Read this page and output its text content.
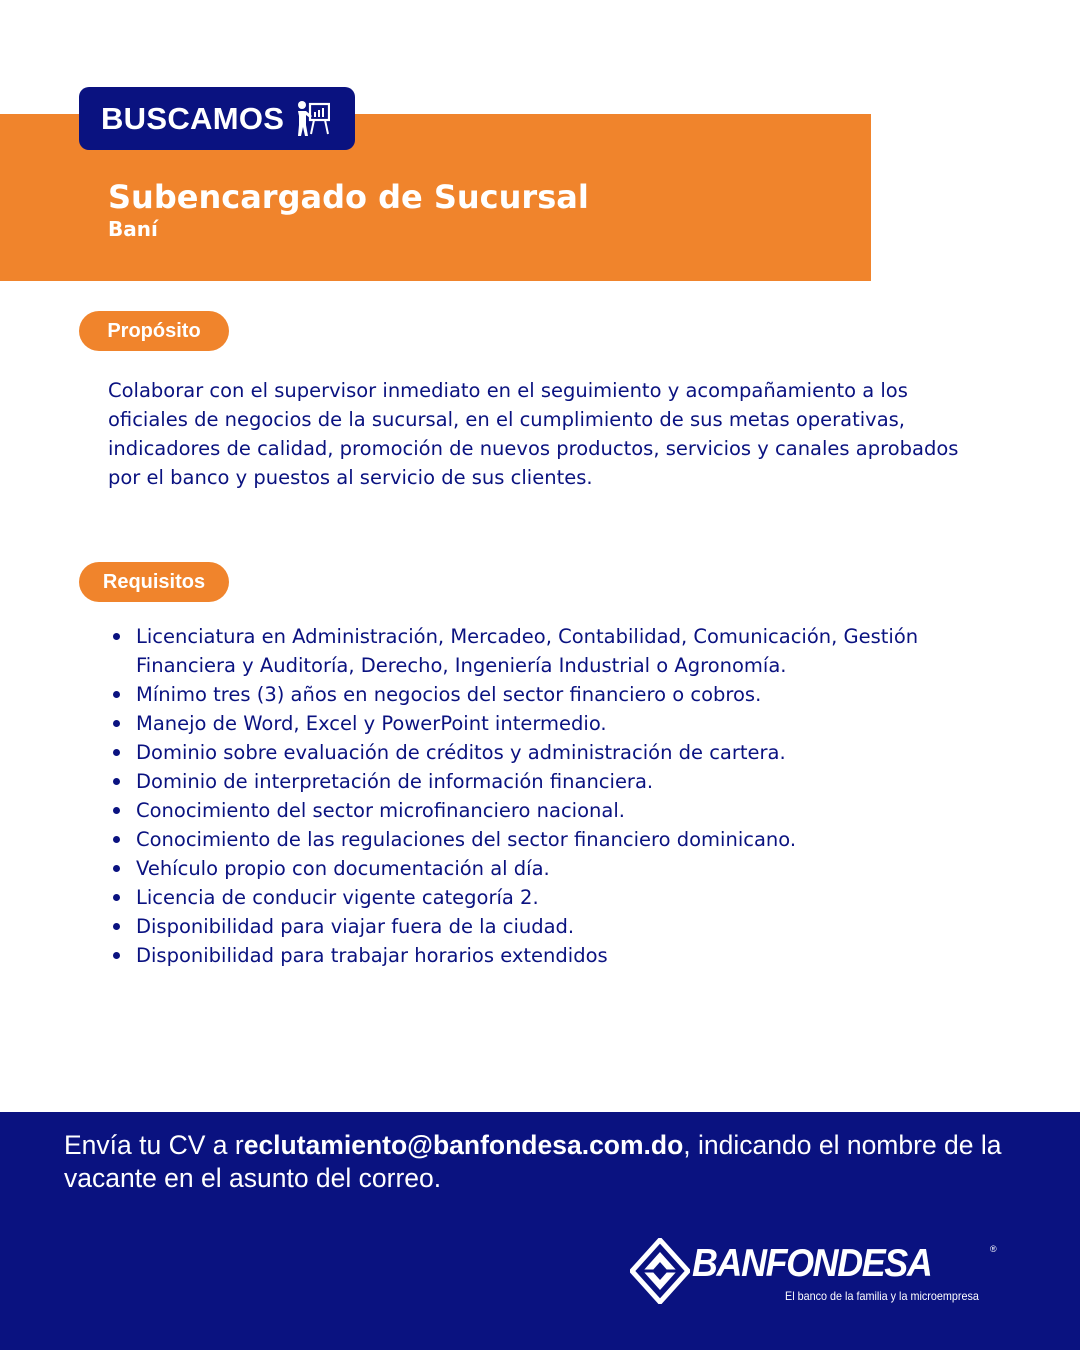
BUSCAMOS
Subencargado de Sucursal
Baní
Propósito

Colaborar con el supervisor inmediato en el seguimiento y acompañamiento a los oficiales de negocios de la sucursal, en el cumplimiento de sus metas operativas, indicadores de calidad, promoción de nuevos productos, servicios y canales aprobados por el banco y puestos al servicio de sus clientes.

Requisitos
Licenciatura en Administración, Mercadeo, Contabilidad, Comunicación, Gestión Financiera y Auditoría, Derecho, Ingeniería Industrial o Agronomía.
Mínimo tres (3) años en negocios del sector financiero o cobros.
Manejo de Word, Excel y PowerPoint intermedio.
Dominio sobre evaluación de créditos y administración de cartera.
Dominio de interpretación de información financiera.
Conocimiento del sector microfinanciero nacional.
Conocimiento de las regulaciones del sector financiero dominicano.
Vehículo propio con documentación al día.
Licencia de conducir vigente categoría 2.
Disponibilidad para viajar fuera de la ciudad.
Disponibilidad para trabajar horarios extendidos
Envía tu CV a reclutamiento@banfondesa.com.do, indicando el nombre de la vacante en el asunto del correo.
BANFONDESA	®
El banco de la familia y la microempresa
